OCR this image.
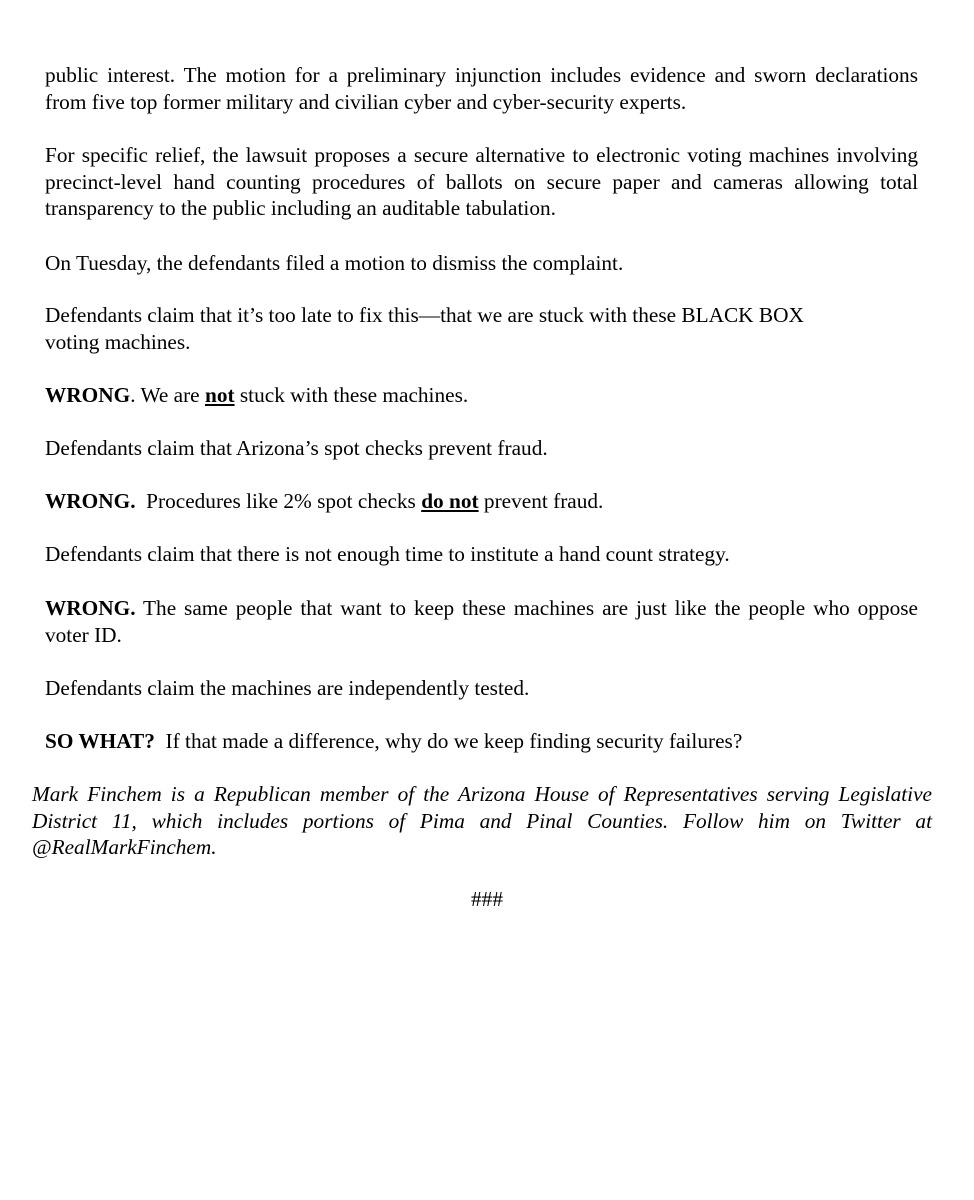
public interest. The motion for a preliminary injunction includes evidence and sworn declarations from five top former military and civilian cyber and cyber-security experts.

For specific relief, the lawsuit proposes a secure alternative to electronic voting machines involving precinct-level hand counting procedures of ballots on secure paper and cameras allowing total transparency to the public including an auditable tabulation.

On Tuesday, the defendants filed a motion to dismiss the complaint.

Defendants claim that it’s too late to fix this—that we are stuck with these BLACK BOX
voting machines.

WRONG. We are not stuck with these machines.

Defendants claim that Arizona’s spot checks prevent fraud.

WRONG.  Procedures like 2% spot checks do not prevent fraud.

Defendants claim that there is not enough time to institute a hand count strategy.

WRONG. The same people that want to keep these machines are just like the people who oppose voter ID.

Defendants claim the machines are independently tested.

SO WHAT?  If that made a difference, why do we keep finding security failures?

Mark Finchem is a Republican member of the Arizona House of Representatives serving Legislative District 11, which includes portions of Pima and Pinal Counties. Follow him on Twitter at @RealMarkFinchem.

###
